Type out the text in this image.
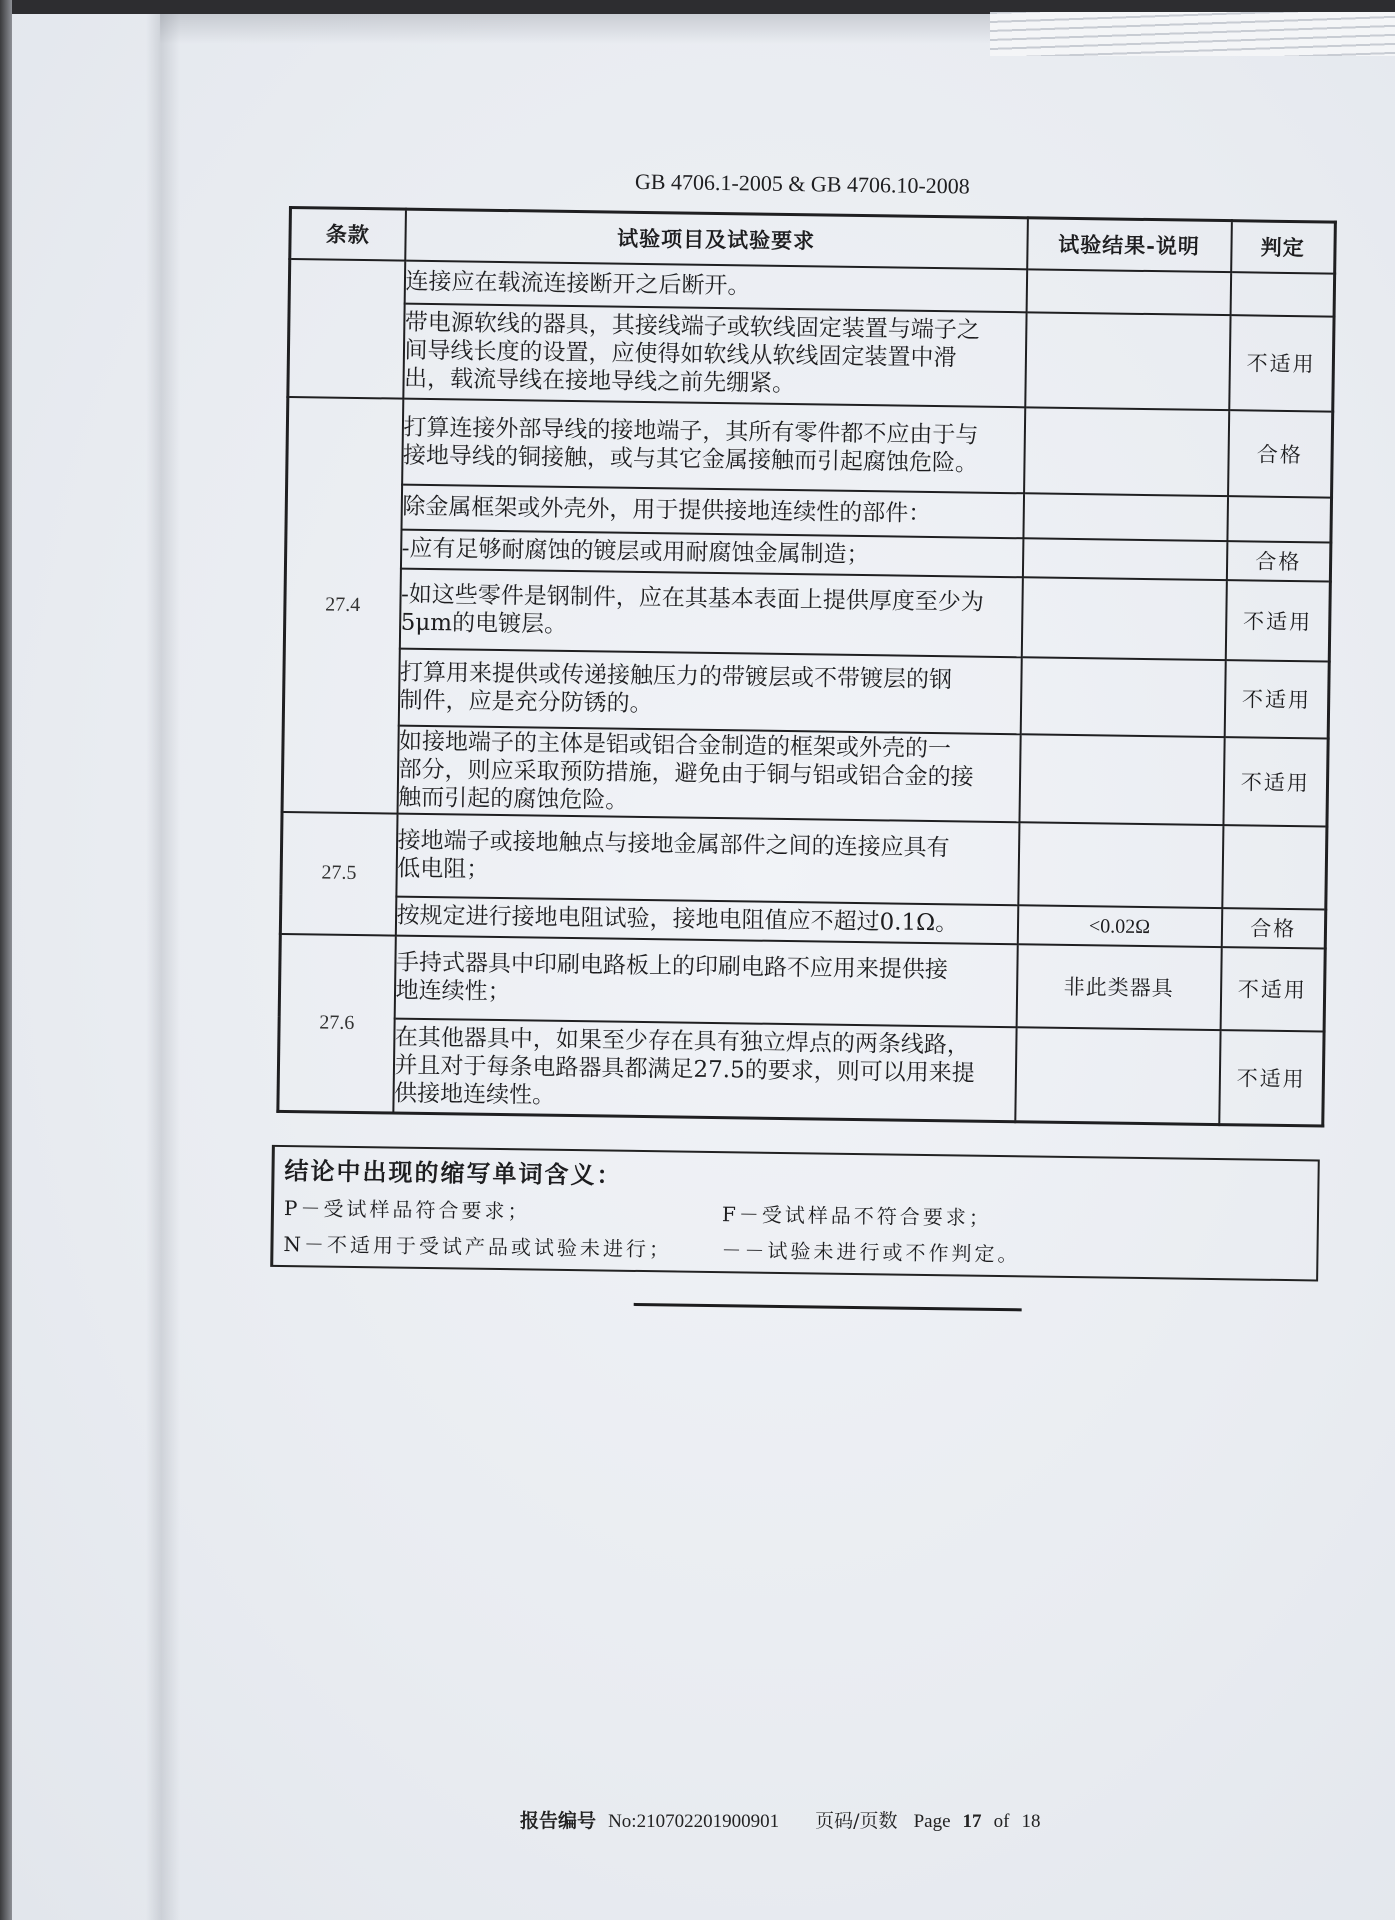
GB 4706.1-2005 & GB 4706.10-2008
条款	试验项目及试验要求	试验结果-说明	判定

	连接应在载流连接断开之后断开。		

	带电源软线的器具，其接线端子或软线固定装置与端子之
间导线长度的设置，应使得如软线从软线固定装置中滑
出，载流导线在接地导线之前先绷紧。		不适用
27.4	打算连接外部导线的接地端子，其所有零件都不应由于与
接地导线的铜接触，或与其它金属接触而引起腐蚀危险。		合格

	除金属框架或外壳外，用于提供接地连续性的部件：		

	-应有足够耐腐蚀的镀层或用耐腐蚀金属制造；		合格

	-如这些零件是钢制件，应在其基本表面上提供厚度至少为
5μm的电镀层。		不适用

	打算用来提供或传递接触压力的带镀层或不带镀层的钢
制件，应是充分防锈的。		不适用

	如接地端子的主体是铝或铝合金制造的框架或外壳的一
部分，则应采取预防措施，避免由于铜与铝或铝合金的接
触而引起的腐蚀危险。		不适用
27.5	接地端子或接地触点与接地金属部件之间的连接应具有
低电阻；		

	按规定进行接地电阻试验，接地电阻值应不超过0.1Ω。	<0.02Ω	合格
27.6	手持式器具中印刷电路板上的印刷电路不应用来提供接
地连续性；	非此类器具	不适用

	在其他器具中，如果至少存在具有独立焊点的两条线路，
并且对于每条电路器具都满足27.5的要求，则可以用来提
供接地连续性。		不适用
结论中出现的缩写单词含义：
P－受试样品符合要求；	F－受试样品不符合要求；
N－不适用于受试产品或试验未进行； －－试验未进行或不作判定。
报告编号 No:210702201900901 页码/页数 Page 17 of 18
